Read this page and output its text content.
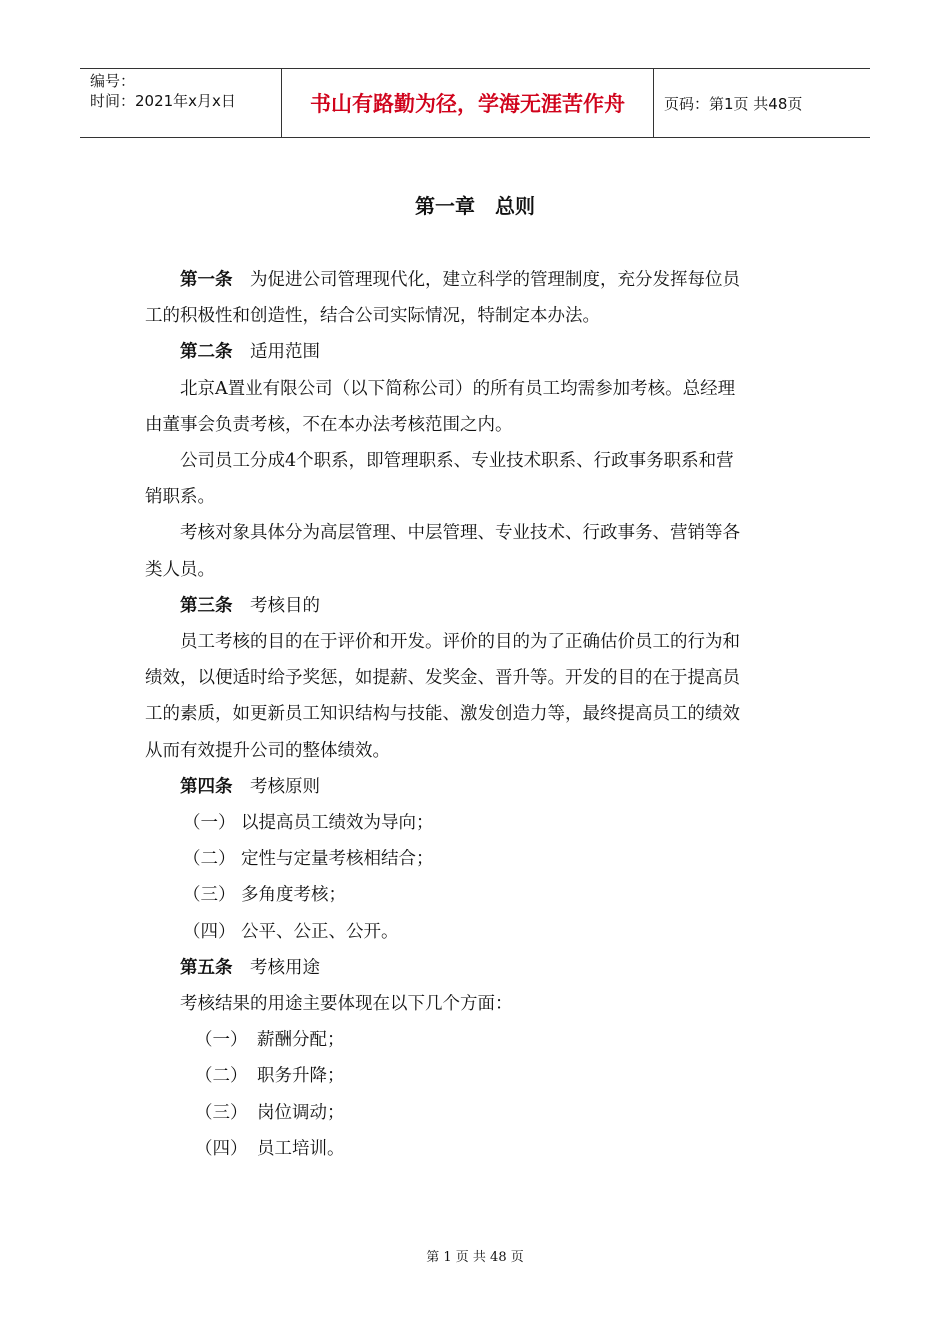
编号：
时间：2021年x月x日	书山有路勤为径，学海无涯苦作舟	页码：第1页 共48页
第一章　总则

第一条　 为促进公司管理现代化，建立科学的管理制度，充分发挥每位员

工的积极性和创造性，结合公司实际情况，特制定本办法。

第二条　 适用范围

北京A置业有限公司（以下简称公司）的所有员工均需参加考核。总经理

由董事会负责考核，不在本办法考核范围之内。

公司员工分成4个职系，即管理职系、专业技术职系、行政事务职系和营

销职系。

考核对象具体分为高层管理、中层管理、专业技术、行政事务、营销等各

类人员。

第三条　 考核目的

员工考核的目的在于评价和开发。评价的目的为了正确估价员工的行为和

绩效，以便适时给予奖惩，如提薪、发奖金、晋升等。开发的目的在于提高员

工的素质，如更新员工知识结构与技能、激发创造力等，最终提高员工的绩效

从而有效提升公司的整体绩效。

第四条　 考核原则

（一） 以提高员工绩效为导向；

（二） 定性与定量考核相结合；

（三） 多角度考核；

（四） 公平、公正、公开。

第五条　 考核用途

考核结果的用途主要体现在以下几个方面：

（一） 薪酬分配；

（二） 职务升降；

（三） 岗位调动；

（四） 员工培训。

第 1 页 共 48 页
